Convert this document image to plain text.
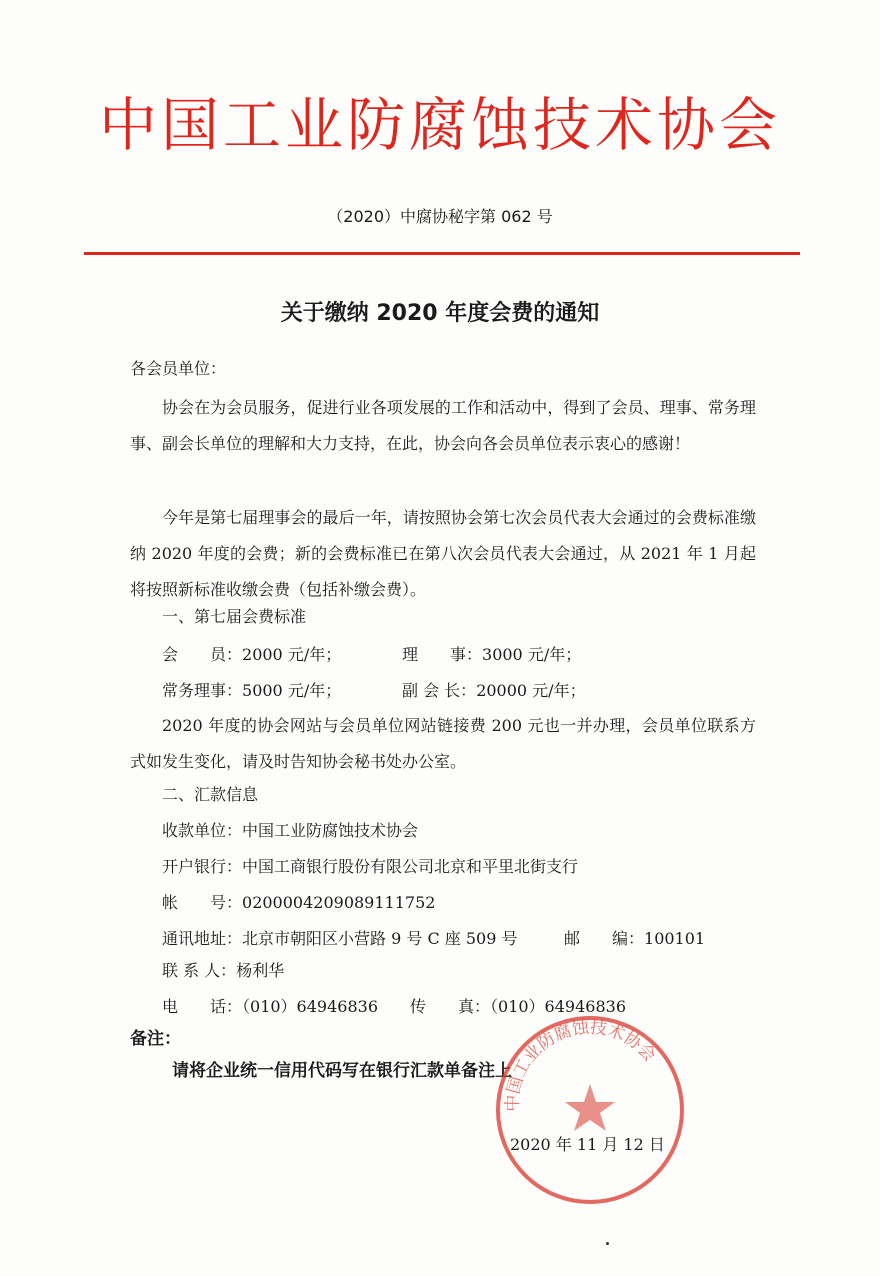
中国工业防腐蚀技术协会
（2020）中腐协秘字第 062 号
关于缴纳 2020 年度会费的通知
各会员单位：
协会在为会员服务，促进行业各项发展的工作和活动中，得到了会员、理事、常务理事、副会长单位的理解和大力支持，在此，协会向各会员单位表示衷心的感谢！
今年是第七届理事会的最后一年，请按照协会第七次会员代表大会通过的会费标准缴纳 2020 年度的会费；新的会费标准已在第八次会员代表大会通过，从 2021 年 1 月起将按照新标准收缴会费（包括补缴会费）。
一、第七届会费标准
会　　员：2000 元/年；	理　　事：3000 元/年；
常务理事：5000 元/年；	副 会 长：20000 元/年；
2020 年度的协会网站与会员单位网站链接费 200 元也一并办理，会员单位联系方式如发生变化，请及时告知协会秘书处办公室。
二、汇款信息
收款单位：中国工业防腐蚀技术协会
开户银行：中国工商银行股份有限公司北京和平里北街支行
帐　　号：0200004209089111752
通讯地址：北京市朝阳区小营路 9 号 C 座 509 号	邮　　编：100101
联 系 人：杨利华
电　　话：（010）64946836 传　　真：（010）64946836
备注：
请将企业统一信用代码写在银行汇款单备注上
中国工业防腐蚀技术协会
2020 年 11 月 12 日
